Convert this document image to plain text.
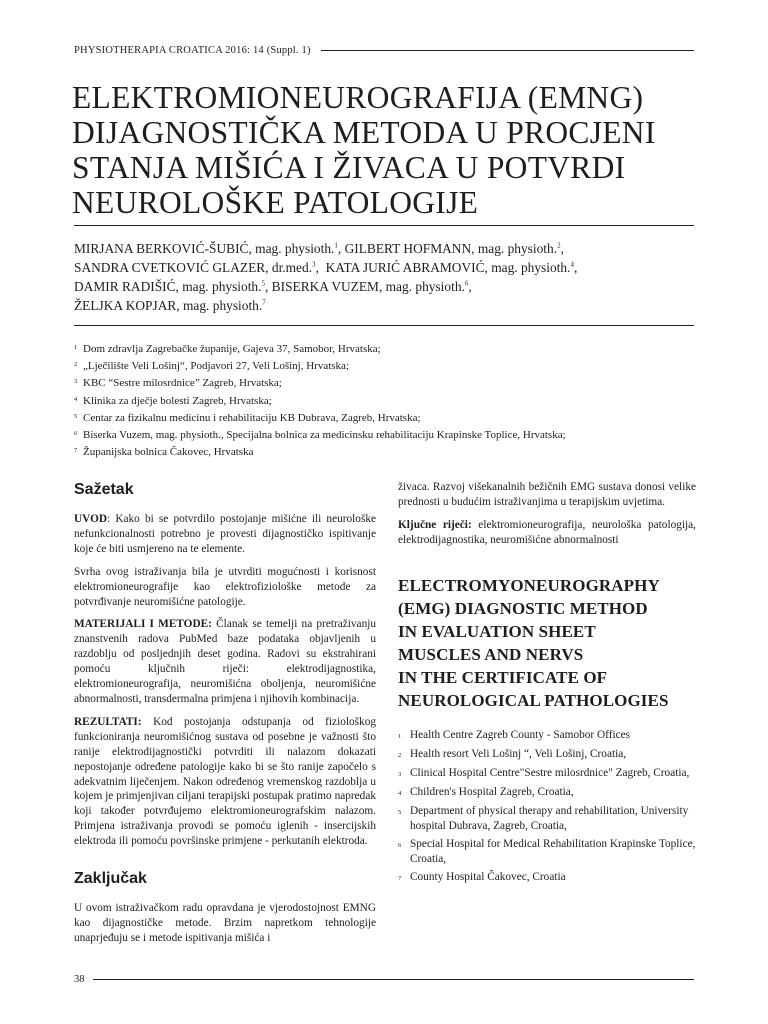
PHYSIOTHERAPIA CROATICA 2016: 14 (Suppl. 1)
ELEKTROMIONEUROGRAFIJA (EMNG)
DIJAGNOSTIČKA METODA U PROCJENI
STANJA MIŠIĆA I ŽIVACA U POTVRDI
NEUROLOŠKE PATOLOGIJE
MIRJANA BERKOVIĆ-ŠUBIĆ, mag. physioth.$^1$, GILBERT HOFMANN, mag. physioth.$^2$,
SANDRA CVETKOVIĆ GLAZER, dr.med.$^3$, KATA JURIĆ ABRAMOVIĆ, mag. physioth.$^4$,
DAMIR RADIŠIĆ, mag. physioth.$^5$, BISERKA VUZEM, mag. physioth.$^6$,
ŽELJKA KOPJAR, mag. physioth.$^7$
1 Dom zdravlja Zagrebačke županije, Gajeva 37, Samobor, Hrvatska;
2 „Lječilište Veli Lošinj“, Podjavori 27, Veli Lošinj, Hrvatska;
3 KBC “Sestre milosrdnice” Zagreb, Hrvatska;
4 Klinika za dječje bolesti Zagreb, Hrvatska;
5 Centar za fizikalnu medicinu i rehabilitaciju KB Dubrava, Zagreb, Hrvatska;
6 Biserka Vuzem, mag. physioth., Specijalna bolnica za medicinsku rehabilitaciju Krapinske Toplice, Hrvatska;
7 Županijska bolnica Čakovec, Hrvatska
Sažetak

UVOD: Kako bi se potvrdilo postojanje mišićne ili neurološke nefunkcionalnosti potrebno je provesti dijagnostičko ispitivanje koje će biti usmjereno na te elemente.

Svrha ovog istraživanja bila je utvrditi mogućnosti i korisnost elektromioneurografije kao elektrofiziološke metode za potvrđivanje neuromišićne patologije.

MATERIJALI I METODE: Članak se temelji na pretraživanju znanstvenih radova PubMed baze podataka objavljenih u razdoblju od posljednjih deset godina. Radovi su ekstrahirani pomoću ključnih riječi: elektrodijagnostika, elektromioneurografija, neuromišićna oboljenja, neuromišićne abnormalnosti, transdermalna primjena i njihovih kombinacija.

REZULTATI: Kod postojanja odstupanja od fiziološkog funkcioniranja neuromišićnog sustava od posebne je važnosti što ranije elektrodijagnostički potvrditi ili nalazom dokazati nepostojanje određene patologije kako bi se što ranije započelo s adekvatnim liječenjem. Nakon određenog vremenskog razdoblja u kojem je primjenjivan ciljani terapijski postupak pratimo napredak koji također potvrđujemo elektromioneurografskim nalazom. Primjena istraživanja provodi se pomoću iglenih - insercijskih elektroda ili pomoću površinske primjene - perkutanih elektroda.

Zaključak

U ovom istraživačkom radu opravdana je vjerodostojnost EMNG kao dijagnostičke metode. Brzim napretkom tehnologije unaprjeđuju se i metode ispitivanja mišića i

živaca. Razvoj višekanalnih bežičnih EMG sustava donosi velike prednosti u budućim istraživanjima u terapijskim uvjetima.

Ključne riječi: elektromioneurografija, neurološka patologija, elektrodijagnostika, neuromišićne abnormalnosti

ELECTROMYONEUROGRAPHY
(EMG) DIAGNOSTIC METHOD
IN EVALUATION SHEET
MUSCLES AND NERVS
IN THE CERTIFICATE OF
NEUROLOGICAL PATHOLOGIES
1 Health Centre Zagreb County - Samobor Offices
2 Health resort Veli Lošinj “, Veli Lošinj, Croatia,
3 Clinical Hospital Centre"Sestre milosrdnice" Zagreb, Croatia,
4 Children's Hospital Zagreb, Croatia,
5 Department of physical therapy and rehabilitation, University hospital Dubrava, Zagreb, Croatia,
6 Special Hospital for Medical Rehabilitation Krapinske Toplice, Croatia,
7 County Hospital Čakovec, Croatia
38
